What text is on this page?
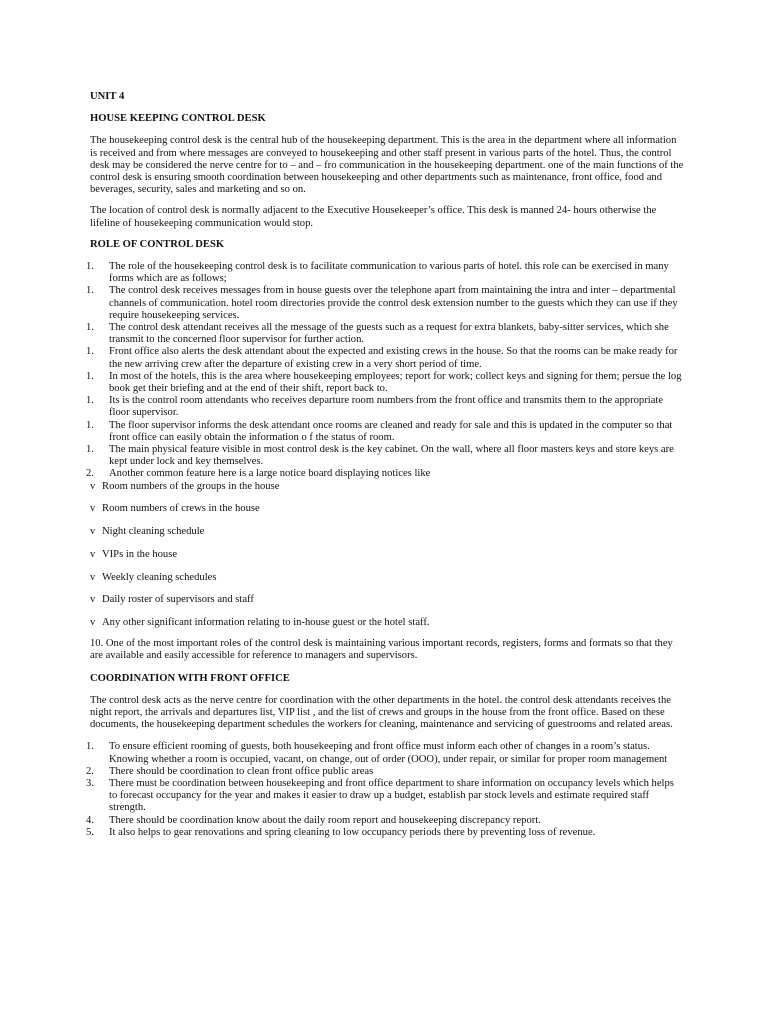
UNIT 4
HOUSE KEEPING CONTROL DESK

The housekeeping control desk is the central hub of the housekeeping department. This is the area in the department where all information is received and from where messages are conveyed to housekeeping and other staff present in various parts of the hotel. Thus, the control desk may be considered the nerve centre for to – and – fro communication in the housekeeping department. one of the main functions of the control desk is ensuring smooth coordination between housekeeping and other departments such as maintenance, front office, food and beverages, security, sales and marketing and so on.

The location of control desk is normally adjacent to the Executive Housekeeper’s office. This desk is manned 24- hours otherwise the lifeline of housekeeping communication would stop.

ROLE OF CONTROL DESK
1.	The role of the housekeeping control desk is to facilitate communication to various parts of hotel. this role can be exercised in many forms which are as follows;
1.	The control desk receives messages from in house guests over the telephone apart from maintaining the intra and inter – departmental channels of communication. hotel room directories provide the control desk extension number to the guests which they can use if they require housekeeping services.
1.	The control desk attendant receives all the message of the guests such as a request for extra blankets, baby-sitter services, which she transmit to the concerned floor supervisor for further action.
1.	Front office also alerts the desk attendant about the expected and existing crews in the house. So that the rooms can be make ready for the new arriving crew after the departure of existing crew in a very short period of time.
1.	In most of the hotels, this is the area where housekeeping employees; report for work; collect keys and signing for them; persue the log book get their briefing and at the end of their shift, report back to.
1.	Its is the control room attendants who receives departure room numbers from the front office and transmits them to the appropriate floor supervisor.
1.	The floor supervisor informs the desk attendant once rooms are cleaned and ready for sale and this is updated in the computer so that front office can easily obtain the information o f the status of room.
1.	The main physical feature visible in most control desk is the key cabinet. On the wall, where all floor masters keys and store keys are kept under lock and key themselves.
2.	Another common feature here is a large notice board displaying notices like
v Room numbers of the groups in the house
v Room numbers of crews in the house
v Night cleaning schedule
v VIPs in the house
v Weekly cleaning schedules
v Daily roster of supervisors and staff
v Any other significant information relating to in-house guest or the hotel staff.

10. One of the most important roles of the control desk is maintaining various important records, registers, forms and formats so that they are available and easily accessible for reference to managers and supervisors.

COORDINATION WITH FRONT OFFICE

The control desk acts as the nerve centre for coordination with the other departments in the hotel. the control desk attendants receives the night report, the arrivals and departures list, VIP list , and the list of crews and groups in the house from the front office. Based on these documents, the housekeeping department schedules the workers for cleaning, maintenance and servicing of guestrooms and related areas.

1.	To ensure efficient rooming of guests, both housekeeping and front office must inform each other of changes in a room’s status. Knowing whether a room is occupied, vacant, on change, out of order (OOO), under repair, or similar for proper room management
2.	There should be coordination to clean front office public areas
3.	There must be coordination between housekeeping and front office department to share information on occupancy levels which helps to forecast occupancy for the year and makes it easier to draw up a budget, establish par stock levels and estimate required staff strength.
4.	There should be coordination know about the daily room report and housekeeping discrepancy report.
5.	It also helps to gear renovations and spring cleaning to low occupancy periods there by preventing loss of revenue.
